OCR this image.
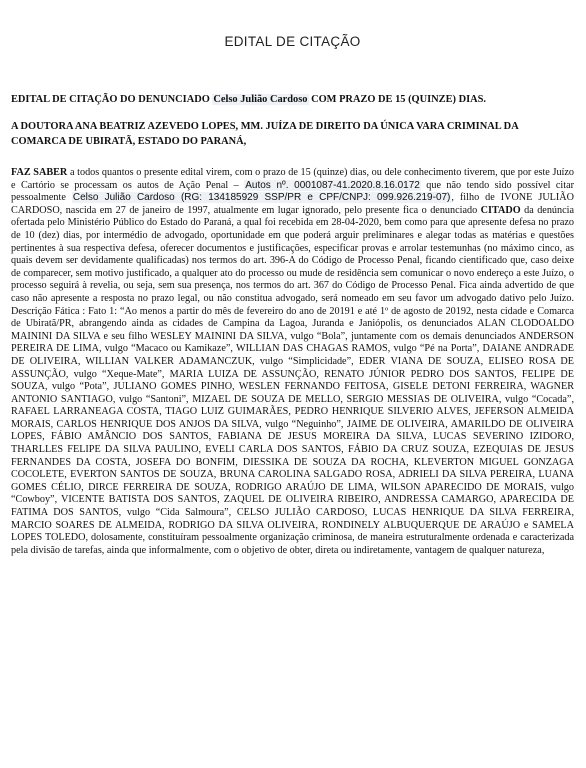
EDITAL DE CITAÇÃO

EDITAL DE CITAÇÃO DO DENUNCIADO Celso Julião Cardoso COM PRAZO DE 15 (QUINZE) DIAS.

A DOUTORA ANA BEATRIZ AZEVEDO LOPES, MM. JUÍZA DE DIREITO DA ÚNICA VARA CRIMINAL DA COMARCA DE UBIRATÃ, ESTADO DO PARANÁ,

FAZ SABER a todos quantos o presente edital virem, com o prazo de 15 (quinze) dias, ou dele conhecimento tiverem, que por este Juízo e Cartório se processam os autos de Ação Penal – Autos nº. 0001087-41.2020.8.16.0172 que não tendo sido possível citar pessoalmente Celso Julião Cardoso (RG: 134185929 SSP/PR e CPF/CNPJ: 099.926.219-07), filho de IVONE JULIÃO CARDOSO, nascida em 27 de janeiro de 1997, atualmente em lugar ignorado, pelo presente fica o denunciado CITADO da denúncia ofertada pelo Ministério Público do Estado do Paraná, a qual foi recebida em 28-04-2020, bem como para que apresente defesa no prazo de 10 (dez) dias, por intermédio de advogado, oportunidade em que poderá arguir preliminares e alegar todas as matérias e questões pertinentes à sua respectiva defesa, oferecer documentos e justificações, especificar provas e arrolar testemunhas (no máximo cinco, as quais devem ser devidamente qualificadas) nos termos do art. 396-A do Código de Processo Penal, ficando cientificado que, caso deixe de comparecer, sem motivo justificado, a qualquer ato do processo ou mude de residência sem comunicar o novo endereço a este Juízo, o processo seguirá à revelia, ou seja, sem sua presença, nos termos do art. 367 do Código de Processo Penal. Fica ainda advertido de que caso não apresente a resposta no prazo legal, ou não constitua advogado, será nomeado em seu favor um advogado dativo pelo Juízo. Descrição Fática : Fato 1: “Ao menos a partir do mês de fevereiro do ano de 20191 e até 1º de agosto de 20192, nesta cidade e Comarca de Ubiratã/PR, abrangendo ainda as cidades de Campina da Lagoa, Juranda e Janiópolis, os denunciados ALAN CLODOALDO MAININI DA SILVA e seu filho WESLEY MAININI DA SILVA, vulgo “Bola”, juntamente com os demais denunciados ANDERSON PEREIRA DE LIMA, vulgo “Macaco ou Kamikaze”, WILLIAN DAS CHAGAS RAMOS, vulgo “Pé na Porta”, DAIANE ANDRADE DE OLIVEIRA, WILLIAN VALKER ADAMANCZUK, vulgo “Simplicidade”, EDER VIANA DE SOUZA, ELISEO ROSA DE ASSUNÇÃO, vulgo “Xeque-Mate”, MARIA LUIZA DE ASSUNÇÃO, RENATO JÚNIOR PEDRO DOS SANTOS, FELIPE DE SOUZA, vulgo “Pota”, JULIANO GOMES PINHO, WESLEN FERNANDO FEITOSA, GISELE DETONI FERREIRA, WAGNER ANTONIO SANTIAGO, vulgo “Santoni”, MIZAEL DE SOUZA DE MELLO, SERGIO MESSIAS DE OLIVEIRA, vulgo “Cocada”, RAFAEL LARRANEAGA COSTA, TIAGO LUIZ GUIMARÃES, PEDRO HENRIQUE SILVERIO ALVES, JEFERSON ALMEIDA MORAIS, CARLOS HENRIQUE DOS ANJOS DA SILVA, vulgo “Neguinho”, JAIME DE OLIVEIRA, AMARILDO DE OLIVEIRA LOPES, FÁBIO AMÂNCIO DOS SANTOS, FABIANA DE JESUS MOREIRA DA SILVA, LUCAS SEVERINO IZIDORO, THARLLES FELIPE DA SILVA PAULINO, EVELI CARLA DOS SANTOS, FÁBIO DA CRUZ SOUZA, EZEQUIAS DE JESUS FERNANDES DA COSTA, JOSEFA DO BONFIM, DIESSIKA DE SOUZA DA ROCHA, KLEVERTON MIGUEL GONZAGA COCOLETE, EVERTON SANTOS DE SOUZA, BRUNA CAROLINA SALGADO ROSA, ADRIELI DA SILVA PEREIRA, LUANA GOMES CÉLIO, DIRCE FERREIRA DE SOUZA, RODRIGO ARAÚJO DE LIMA, WILSON APARECIDO DE MORAIS, vulgo “Cowboy”, VICENTE BATISTA DOS SANTOS, ZAQUEL DE OLIVEIRA RIBEIRO, ANDRESSA CAMARGO, APARECIDA DE FATIMA DOS SANTOS, vulgo “Cida Salmoura”, CELSO JULIÃO CARDOSO, LUCAS HENRIQUE DA SILVA FERREIRA, MARCIO SOARES DE ALMEIDA, RODRIGO DA SILVA OLIVEIRA, RONDINELY ALBUQUERQUE DE ARAÚJO e SAMELA LOPES TOLEDO, dolosamente, constituíram pessoalmente organização criminosa, de maneira estruturalmente ordenada e caracterizada pela divisão de tarefas, ainda que informalmente, com o objetivo de obter, direta ou indiretamente, vantagem de qualquer natureza,
